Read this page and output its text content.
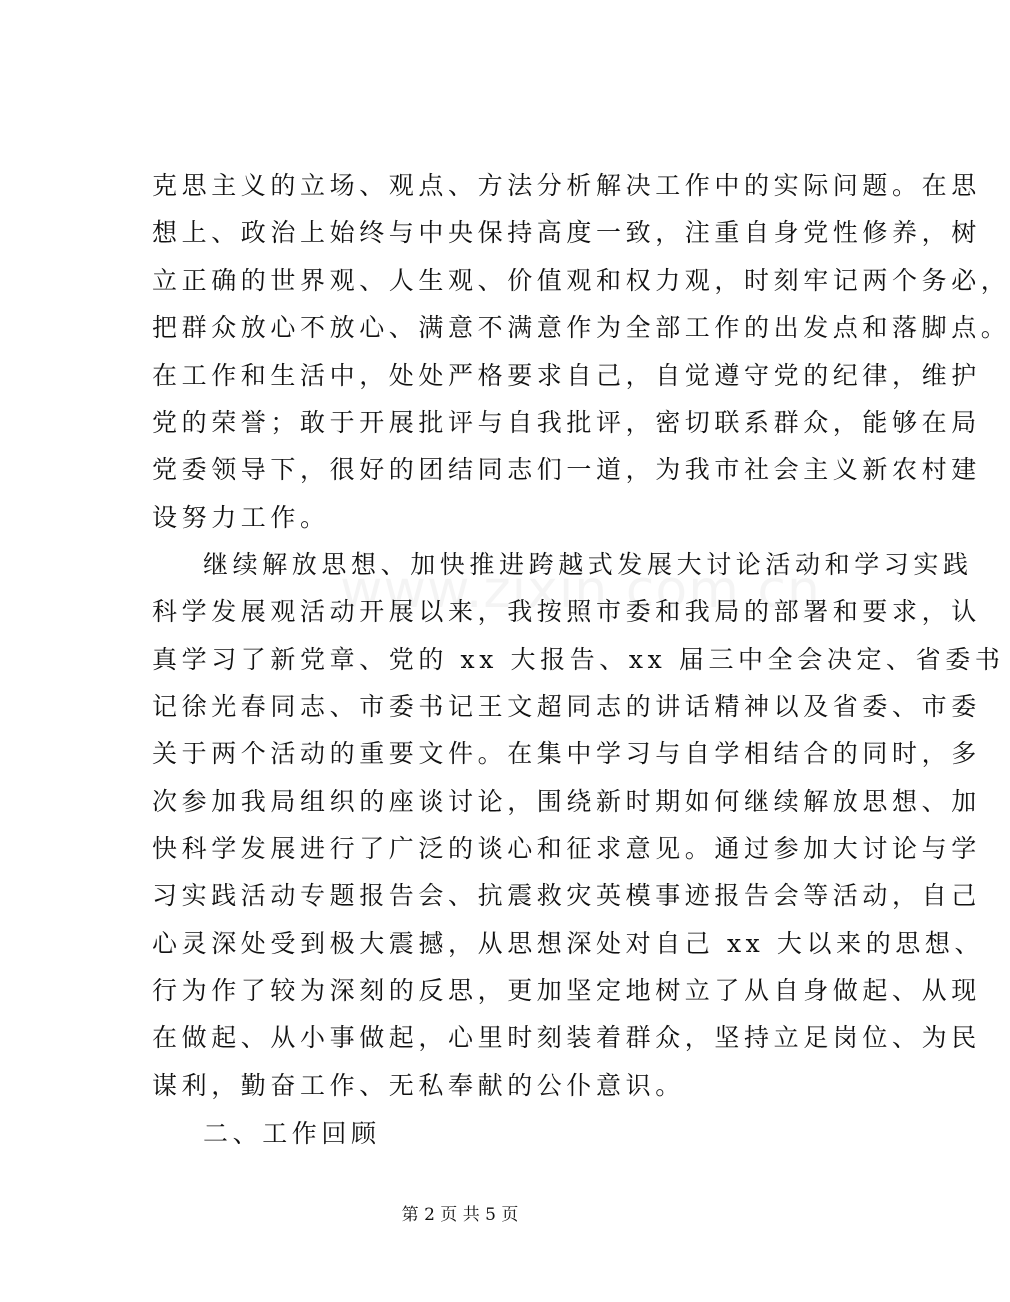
克思主义的立场、观点、方法分析解决工作中的实际问题。在思
想上、政治上始终与中央保持高度一致，注重自身党性修养，树
立正确的世界观、人生观、价值观和权力观，时刻牢记两个务必，
把群众放心不放心、满意不满意作为全部工作的出发点和落脚点。
在工作和生活中，处处严格要求自己，自觉遵守党的纪律，维护
党的荣誉；敢于开展批评与自我批评，密切联系群众，能够在局
党委领导下，很好的团结同志们一道，为我市社会主义新农村建
设努力工作。
继续解放思想、加快推进跨越式发展大讨论活动和学习实践
科学发展观活动开展以来，我按照市委和我局的部署和要求，认
真学习了新党章、党的 xx 大报告、xx 届三中全会决定、省委书
记徐光春同志、市委书记王文超同志的讲话精神以及省委、市委
关于两个活动的重要文件。在集中学习与自学相结合的同时，多
次参加我局组织的座谈讨论，围绕新时期如何继续解放思想、加
快科学发展进行了广泛的谈心和征求意见。通过参加大讨论与学
习实践活动专题报告会、抗震救灾英模事迹报告会等活动，自己
心灵深处受到极大震撼，从思想深处对自己 xx 大以来的思想、
行为作了较为深刻的反思，更加坚定地树立了从自身做起、从现
在做起、从小事做起，心里时刻装着群众，坚持立足岗位、为民
谋利，勤奋工作、无私奉献的公仆意识。
二、工作回顾
第 2 页 共 5 页
